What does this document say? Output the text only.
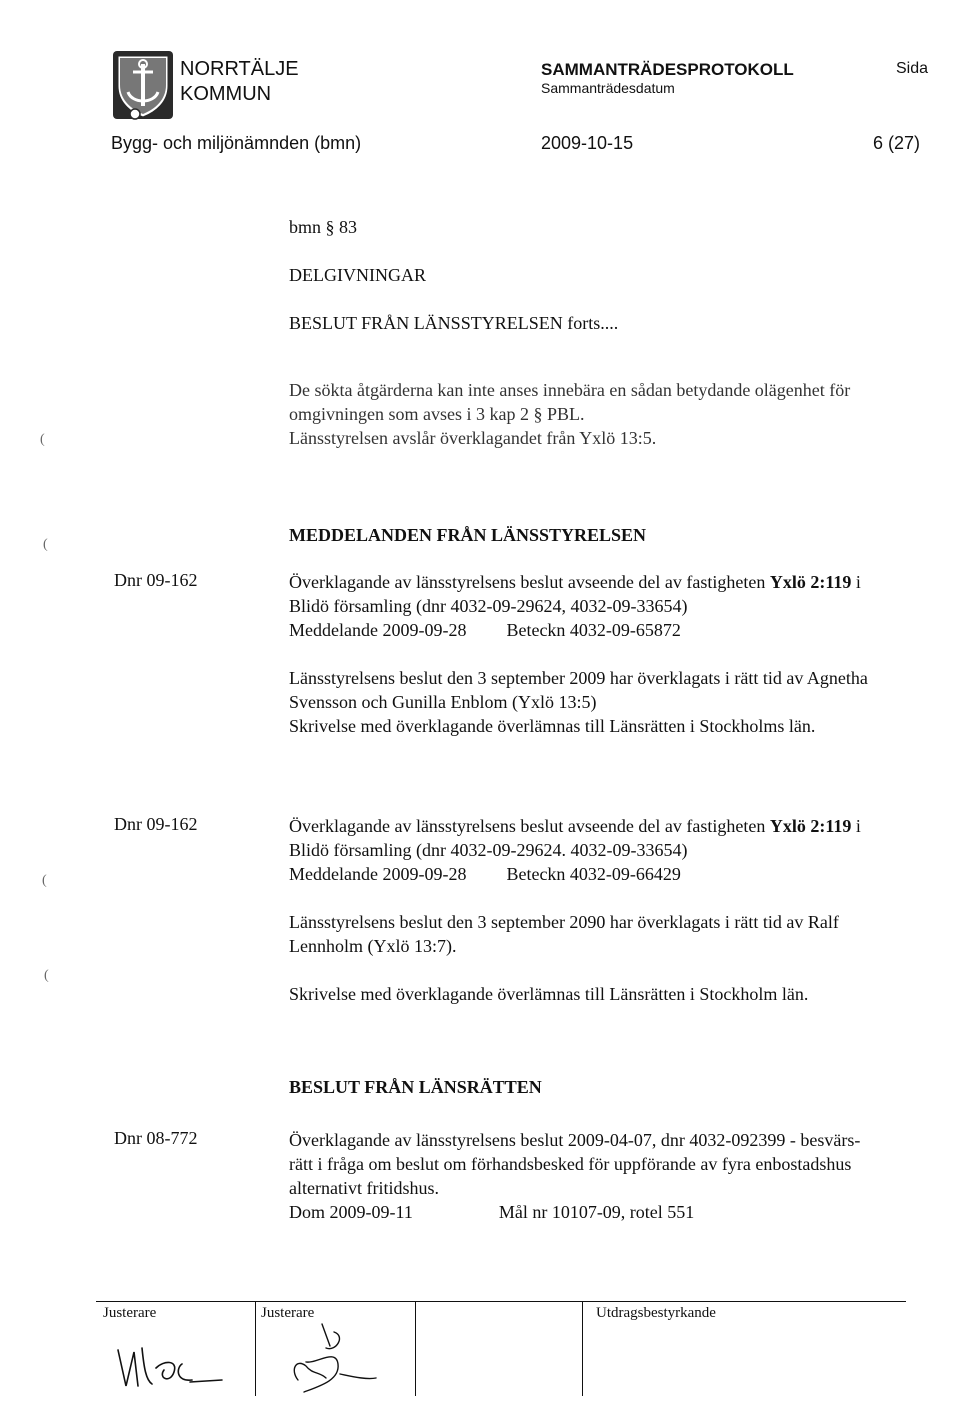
NORRTÄLJE
KOMMUN
SAMMANTRÄDESPROTOKOLL
Sammanträdesdatum
Sida
Bygg- och miljönämnden (bmn)	2009-10-15	6 (27)
bmn § 83
DELGIVNINGAR
BESLUT FRÅN LÄNSSTYRELSEN forts....
De sökta åtgärderna kan inte anses innebära en sådan betydande olägenhet för
omgivningen som avses i 3 kap 2 § PBL.
Länsstyrelsen avslår överklagandet från Yxlö 13:5.
MEDDELANDEN FRÅN LÄNSSTYRELSEN
Dnr 09-162	Överklagande av länsstyrelsens beslut avseende del av fastigheten Yxlö 2:119 i
Blidö församling (dnr 4032-09-29624, 4032-09-33654)
Meddelande 2009-09-28 Beteckn 4032-09-65872
Länsstyrelsens beslut den 3 september 2009 har överklagats i rätt tid av Agnetha
Svensson och Gunilla Enblom (Yxlö 13:5)
Skrivelse med överklagande överlämnas till Länsrätten i Stockholms län.
Dnr 09-162	Överklagande av länsstyrelsens beslut avseende del av fastigheten Yxlö 2:119 i
Blidö församling (dnr 4032-09-29624. 4032-09-33654)
Meddelande 2009-09-28 Beteckn 4032-09-66429
Länsstyrelsens beslut den 3 september 2090 har överklagats i rätt tid av Ralf
Lennholm (Yxlö 13:7).
Skrivelse med överklagande överlämnas till Länsrätten i Stockholm län.
BESLUT FRÅN LÄNSRÄTTEN
Dnr 08-772	Överklagande av länsstyrelsens beslut 2009-04-07, dnr 4032-092399 - besvärs-
rätt i fråga om beslut om förhandsbesked för uppförande av fyra enbostadshus
alternativt fritidshus.
Dom 2009-09-11	Mål nr 10107-09, rotel 551
(
(
(
(
Justerare	Justerare	Utdragsbestyrkande
